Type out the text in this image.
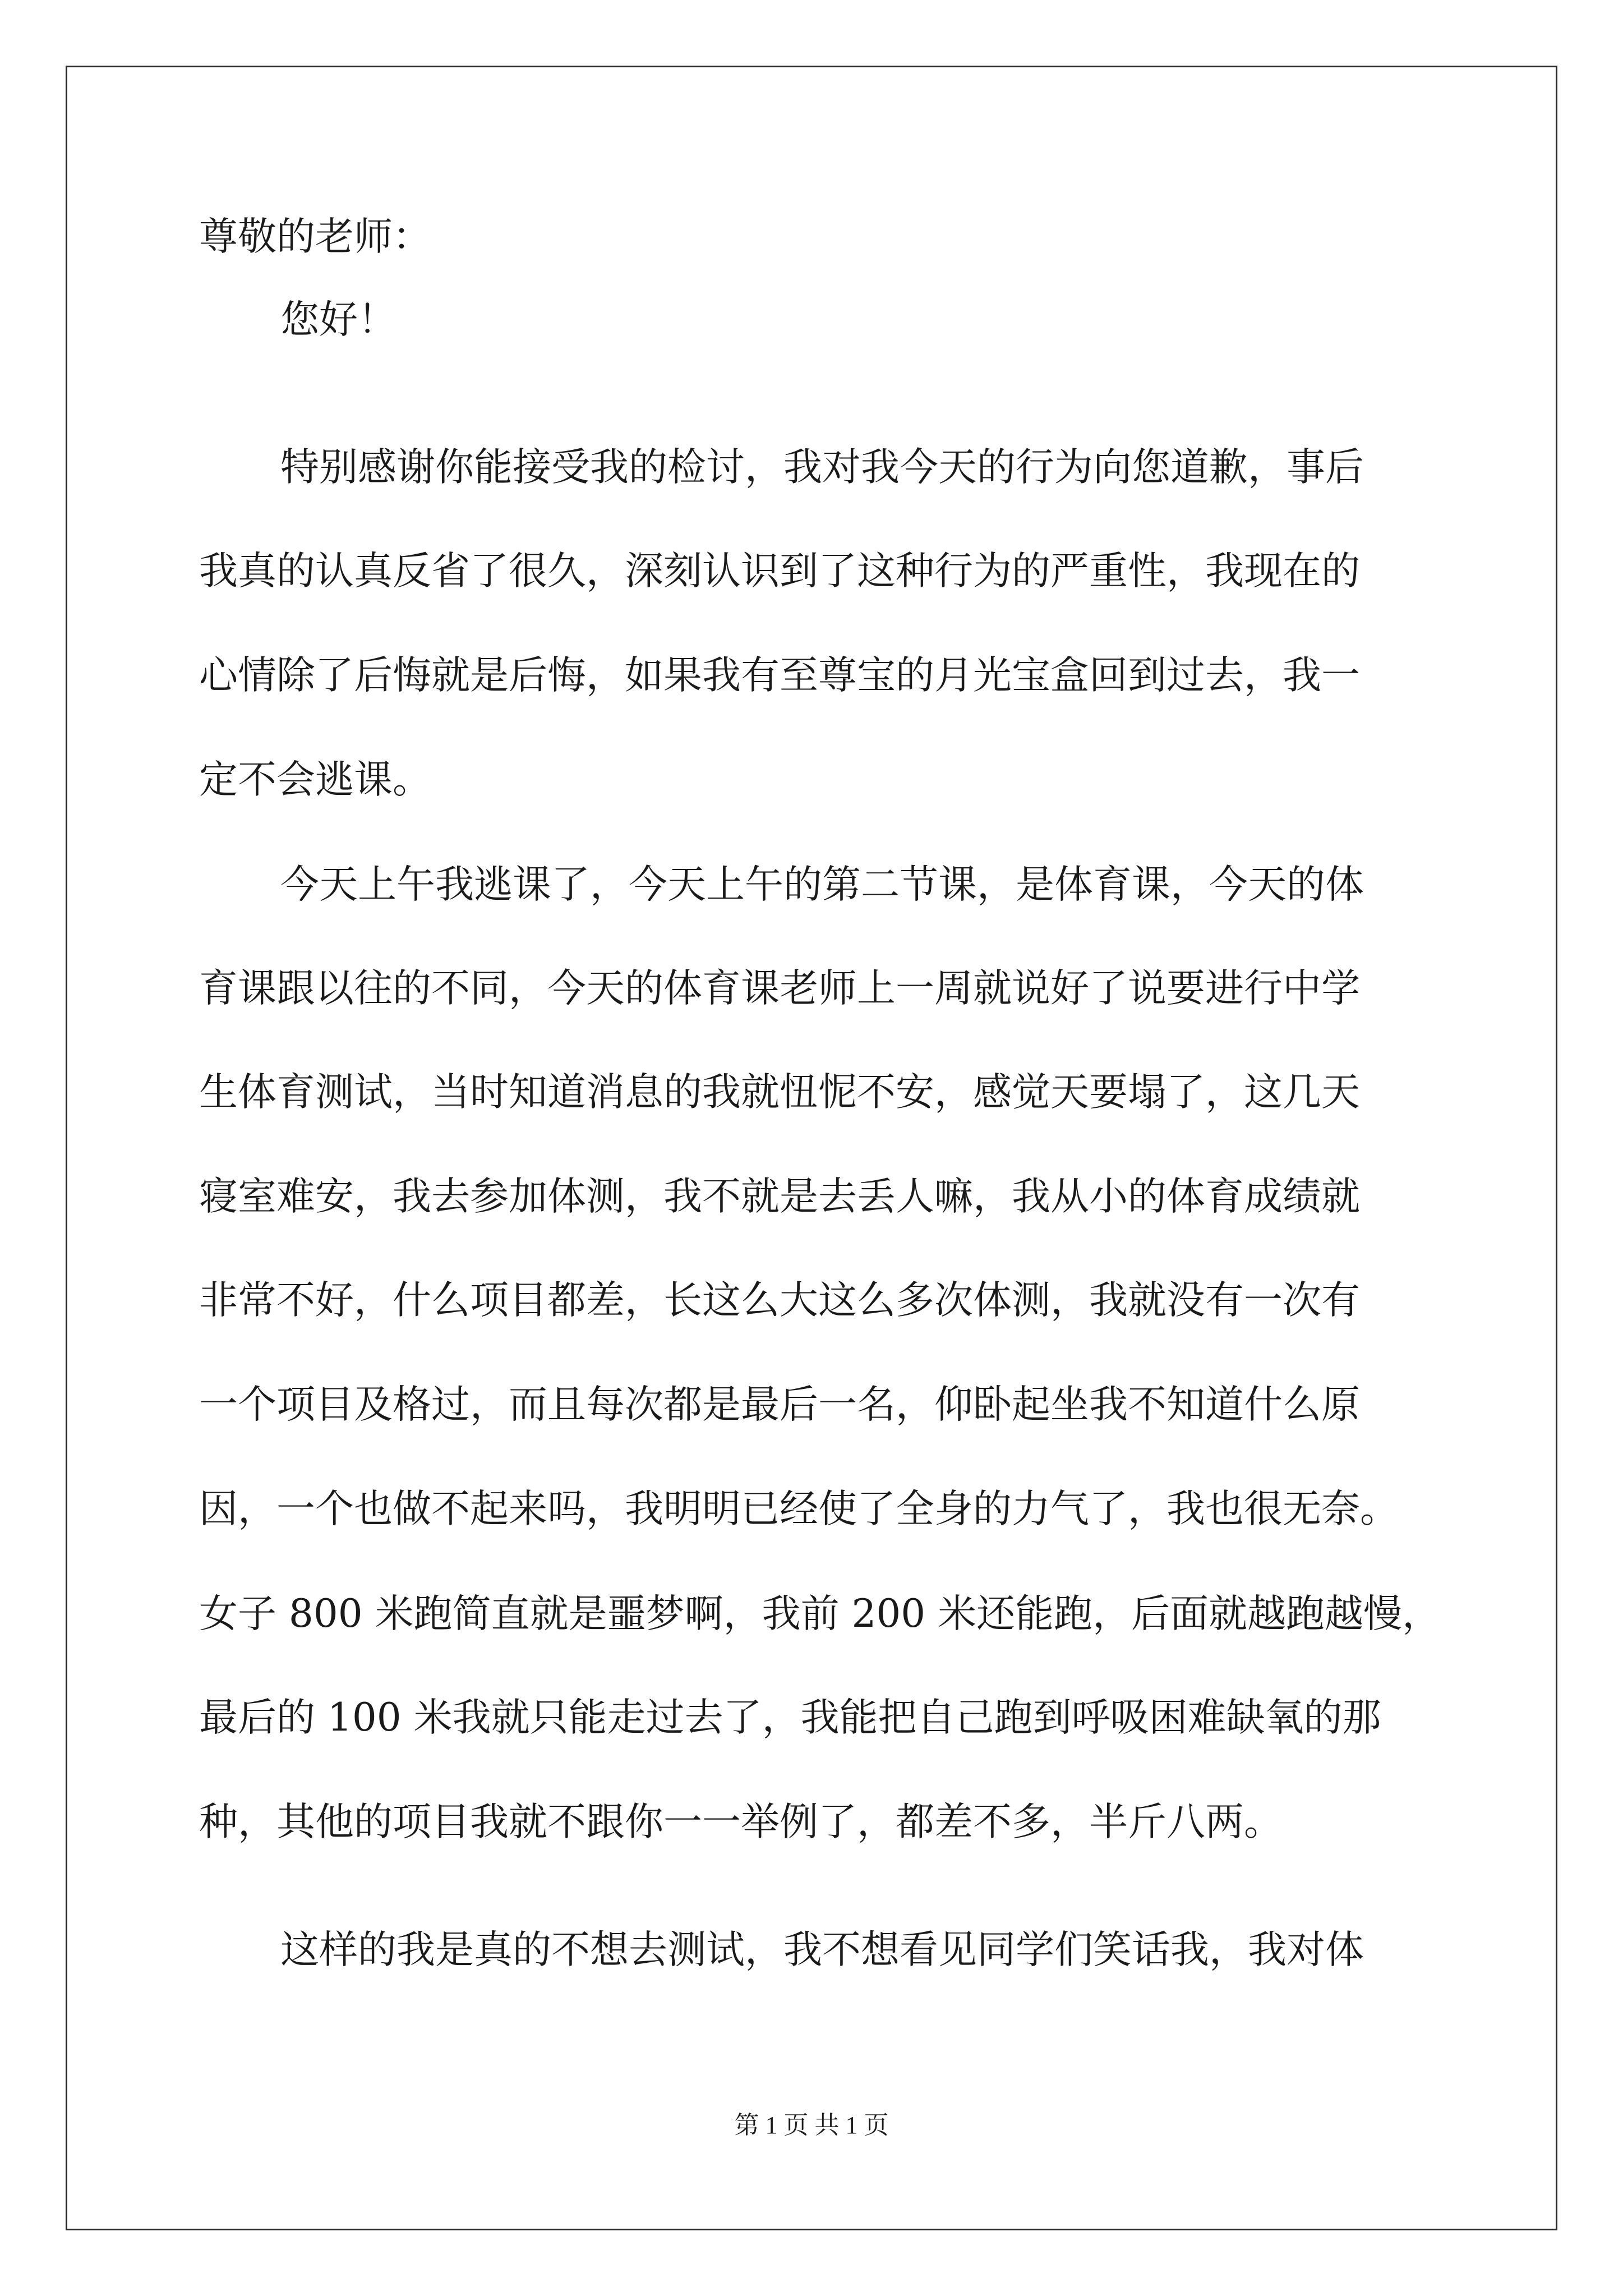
尊敬的老师：
您好！
特别感谢你能接受我的检讨，我对我今天的行为向您道歉，事后
我真的认真反省了很久，深刻认识到了这种行为的严重性，我现在的
心情除了后悔就是后悔，如果我有至尊宝的月光宝盒回到过去，我一
定不会逃课。
今天上午我逃课了，今天上午的第二节课，是体育课，今天的体
育课跟以往的不同，今天的体育课老师上一周就说好了说要进行中学
生体育测试，当时知道消息的我就忸怩不安，感觉天要塌了，这几天
寝室难安，我去参加体测，我不就是去丢人嘛，我从小的体育成绩就
非常不好，什么项目都差，长这么大这么多次体测，我就没有一次有
一个项目及格过，而且每次都是最后一名，仰卧起坐我不知道什么原
因，一个也做不起来吗，我明明已经使了全身的力气了，我也很无奈。
女子 800 米跑简直就是噩梦啊，我前 200 米还能跑，后面就越跑越慢，
最后的 100 米我就只能走过去了，我能把自己跑到呼吸困难缺氧的那
种，其他的项目我就不跟你一一举例了，都差不多，半斤八两。
这样的我是真的不想去测试，我不想看见同学们笑话我，我对体
第 1 页 共 1 页
